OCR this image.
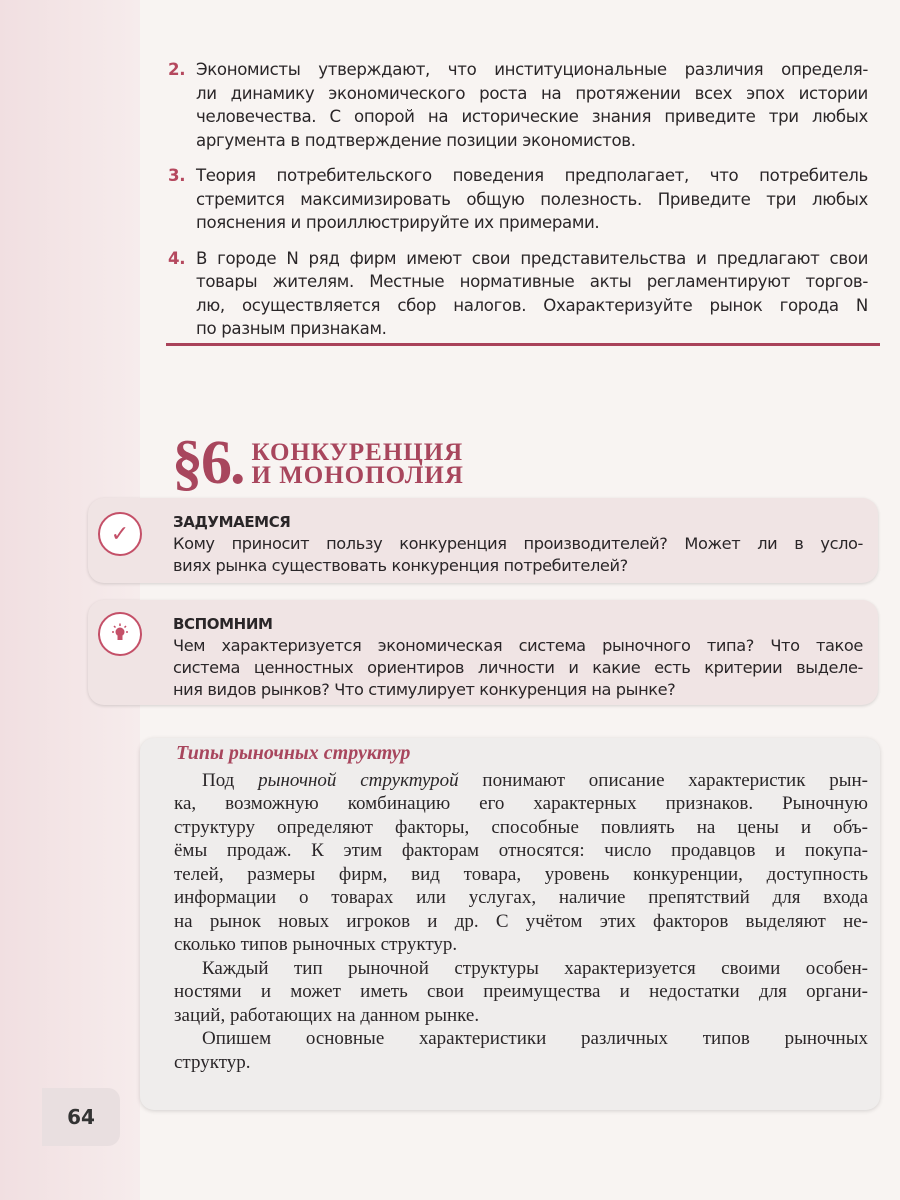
2. Экономисты утверждают, что институциональные различия определя-
ли динамику экономического роста на протяжении всех эпох истории
человечества. С опорой на исторические знания приведите три любых
аргумента в подтверждение позиции экономистов.
3. Теория потребительского поведения предполагает, что потребитель
стремится максимизировать общую полезность. Приведите три любых
пояснения и проиллюстрируйте их примерами.
4. В городе N ряд фирм имеют свои представительства и предлагают свои
товары жителям. Местные нормативные акты регламентируют торгов-
лю, осуществляется сбор налогов. Охарактеризуйте рынок города N
по разным признакам.
§6. КОНКУРЕНЦИЯ
И МОНОПОЛИЯ
✓	ЗАДУМАЕМСЯ
Кому приносит пользу конкуренция производителей? Может ли в усло-
виях рынка существовать конкуренция потребителей?
ВСПОМНИМ
Чем характеризуется экономическая система рыночного типа? Что такое
система ценностных ориентиров личности и какие есть критерии выделе-
ния видов рынков? Что стимулирует конкуренция на рынке?
Типы рыночных структур

Под рыночной структурой понимают описание характеристик рын-
ка, возможную комбинацию его характерных признаков. Рыночную
структуру определяют факторы, способные повлиять на цены и объ-
ёмы продаж. К этим факторам относятся: число продавцов и покупа-
телей, размеры фирм, вид товара, уровень конкуренции, доступность
информации о товарах или услугах, наличие препятствий для входа
на рынок новых игроков и др. С учётом этих факторов выделяют не-
сколько типов рыночных структур.

Каждый тип рыночной структуры характеризуется своими особен-
ностями и может иметь свои преимущества и недостатки для органи-
заций, работающих на данном рынке.

Опишем основные характеристики различных типов рыночных
структур.

64
